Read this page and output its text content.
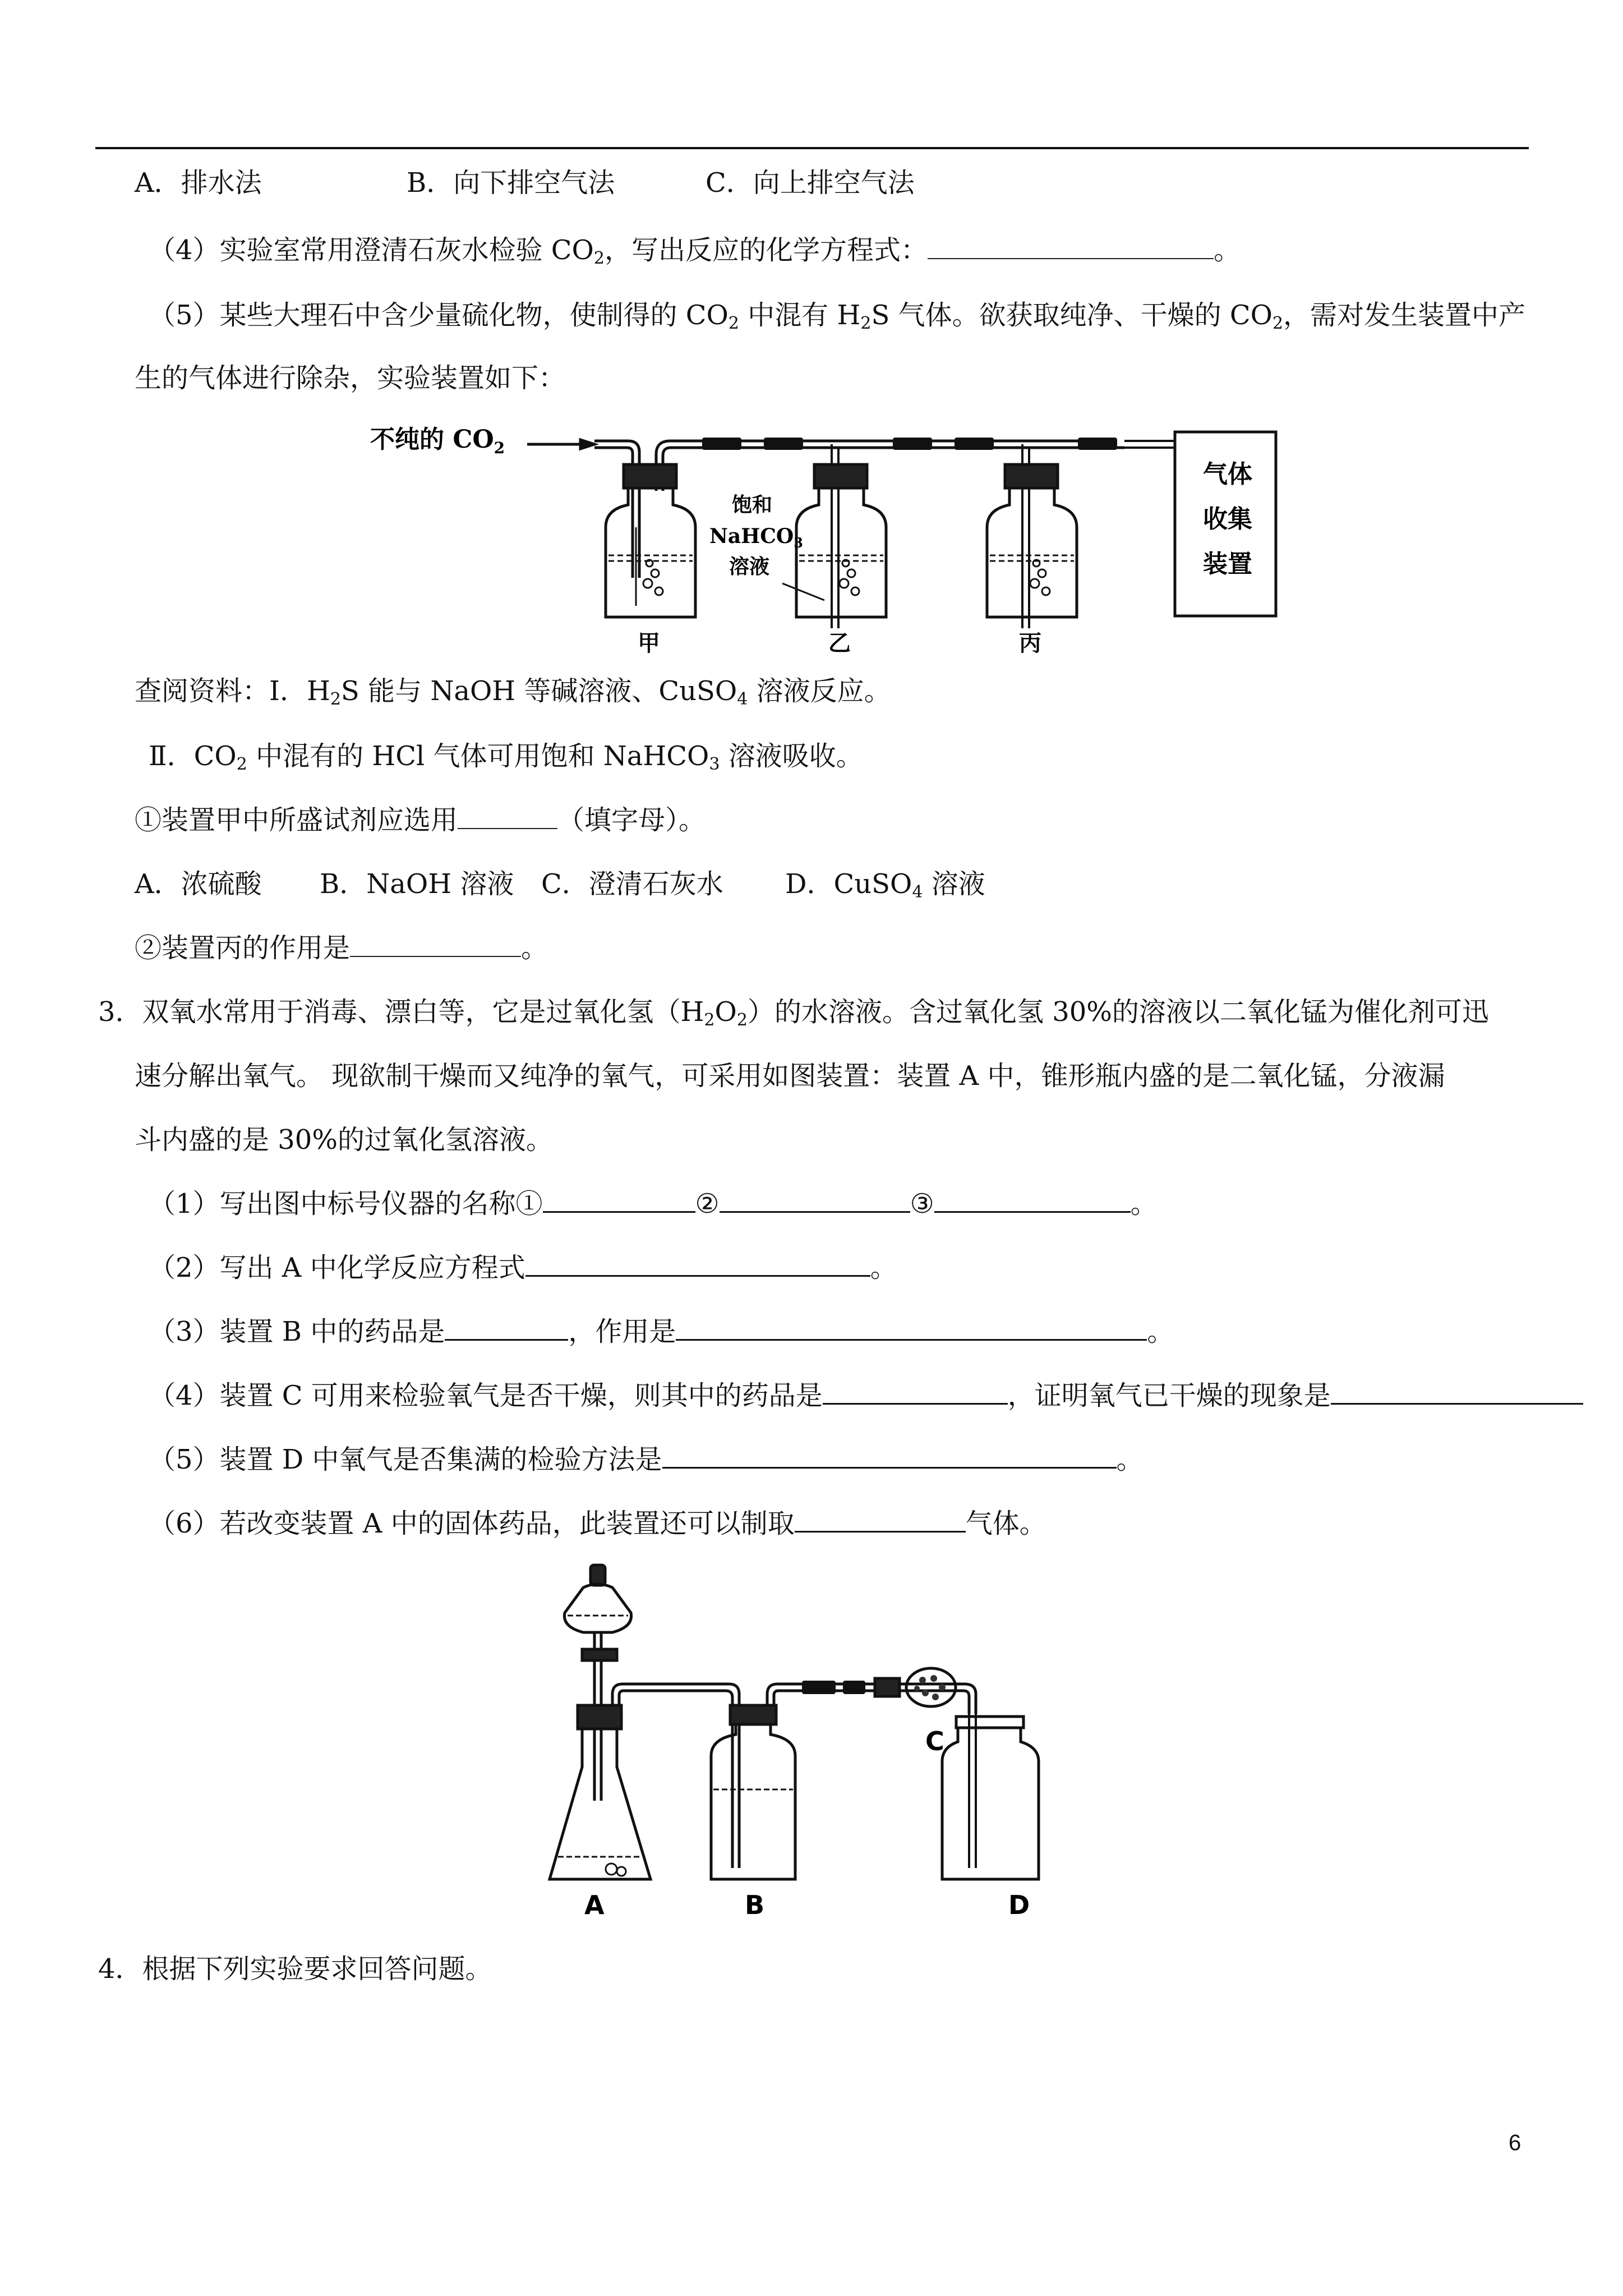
A．排水法	B．向下排空气法	C．向上排空气法
（4）实验室常用澄清石灰水检验 $CO_2$，写出反应的化学方程式：	。
（5）某些大理石中含少量硫化物，使制得的 $CO_2$ 中混有 $H_2S$ 气体。欲获取纯净、干燥的 $CO_2$，需对发生装置中产
生的气体进行除杂，实验装置如下：
不纯的 $CO_2$
饱和
NaHCO$_3$
溶液
甲	乙	丙
气体
收集
装置
查阅资料：Ⅰ．$H_2S$ 能与 NaOH 等碱溶液、CuSO$_4$ 溶液反应。
Ⅱ．$CO_2$ 中混有的 HCl 气体可用饱和 NaHCO$_3$ 溶液吸收。
①装置甲中所盛试剂应选用	（填字母）。
A．浓硫酸 B．NaOH 溶液 C．澄清石灰水 D．CuSO$_4$ 溶液
②装置丙的作用是	。
3．双氧水常用于消毒、漂白等，它是过氧化氢$(H_2O_2)$的水溶液。含过氧化氢 30%的溶液以二氧化锰为催化剂可迅
速分解出氧气。 现欲制干燥而又纯净的氧气，可采用如图装置：装置 A 中，锥形瓶内盛的是二氧化锰，分液漏
斗内盛的是 30%的过氧化氢溶液。
（1）写出图中标号仪器的名称①	②	③	。
（2）写出 A 中化学反应方程式	。
（3）装置 B 中的药品是	，作用是	。
（4）装置 C 可用来检验氧气是否干燥，则其中的药品是	，证明氧气已干燥的现象是
（5）装置 D 中氧气是否集满的检验方法是	。
（6）若改变装置 A 中的固体药品，此装置还可以制取	气体。
A	B
C
D
4．根据下列实验要求回答问题。
6
